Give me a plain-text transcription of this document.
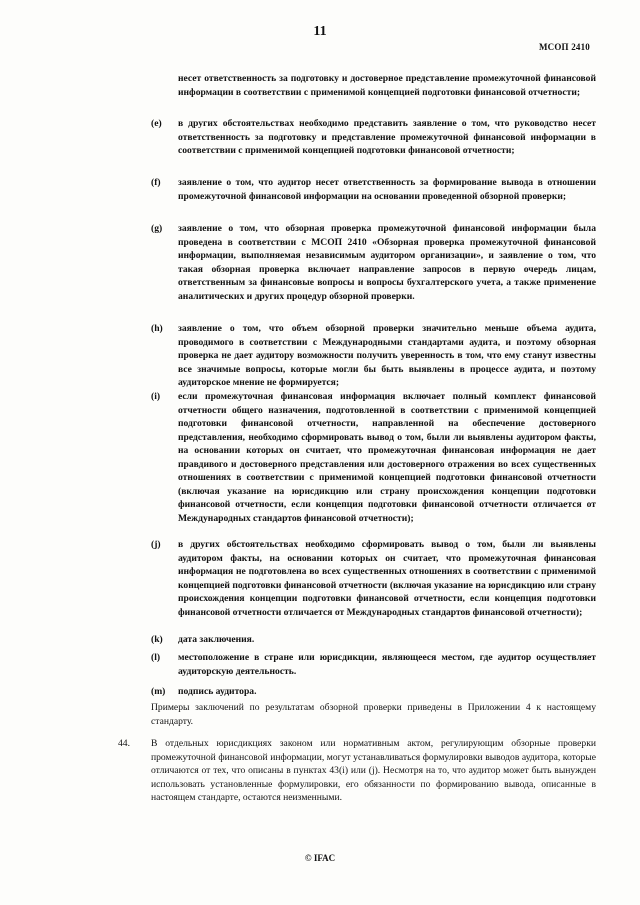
11
МСОП 2410

несет ответственность за подготовку и достоверное представление промежуточной финансовой информации в соответствии с применимой концепцией подготовки финансовой отчетности;

(e) в других обстоятельствах необходимо представить заявление о том, что руководство несет ответственность за подготовку и представление промежуточной финансовой информации в соответствии с применимой концепцией подготовки финансовой отчетности;

(f) заявление о том, что аудитор несет ответственность за формирование вывода в отношении промежуточной финансовой информации на основании проведенной обзорной проверки;

(g) заявление о том, что обзорная проверка промежуточной финансовой информации была проведена в соответствии с МСОП 2410 «Обзорная проверка промежуточной финансовой информации, выполняемая независимым аудитором организации», и заявление о том, что такая обзорная проверка включает направление запросов в первую очередь лицам, ответственным за финансовые вопросы и вопросы бухгалтерского учета, а также применение аналитических и других процедур обзорной проверки.

(h) заявление о том, что объем обзорной проверки значительно меньше объема аудита, проводимого в соответствии с Международными стандартами аудита, и поэтому обзорная проверка не дает аудитору возможности получить уверенность в том, что ему станут известны все значимые вопросы, которые могли бы быть выявлены в процессе аудита, и поэтому аудиторское мнение не формируется;

(i) если промежуточная финансовая информация включает полный комплект финансовой отчетности общего назначения, подготовленной в соответствии с применимой концепцией подготовки финансовой отчетности, направленной на обеспечение достоверного представления, необходимо сформировать вывод о том, были ли выявлены аудитором факты, на основании которых он считает, что промежуточная финансовая информация не дает правдивого и достоверного представления или достоверного отражения во всех существенных отношениях в соответствии с применимой концепцией подготовки финансовой отчетности (включая указание на юрисдикцию или страну происхождения концепции подготовки финансовой отчетности, если концепция подготовки финансовой отчетности отличается от Международных стандартов финансовой отчетности);

(j) в других обстоятельствах необходимо сформировать вывод о том, были ли выявлены аудитором факты, на основании которых он считает, что промежуточная финансовая информация не подготовлена во всех существенных отношениях в соответствии с применимой концепцией подготовки финансовой отчетности (включая указание на юрисдикцию или страну происхождения концепции подготовки финансовой отчетности, если концепция подготовки финансовой отчетности отличается от Международных стандартов финансовой отчетности);

(k) дата заключения.

(l) местоположение в стране или юрисдикции, являющееся местом, где аудитор осуществляет аудиторскую деятельность.

(m) подпись аудитора.

Примеры заключений по результатам обзорной проверки приведены в Приложении 4 к настоящему стандарту.

44. В отдельных юрисдикциях законом или нормативным актом, регулирующим обзорные проверки промежуточной финансовой информации, могут устанавливаться формулировки выводов аудитора, которые отличаются от тех, что описаны в пунктах 43(i) или (j). Несмотря на то, что аудитор может быть вынужден использовать установленные формулировки, его обязанности по формированию вывода, описанные в настоящем стандарте, остаются неизменными.

© IFAC
